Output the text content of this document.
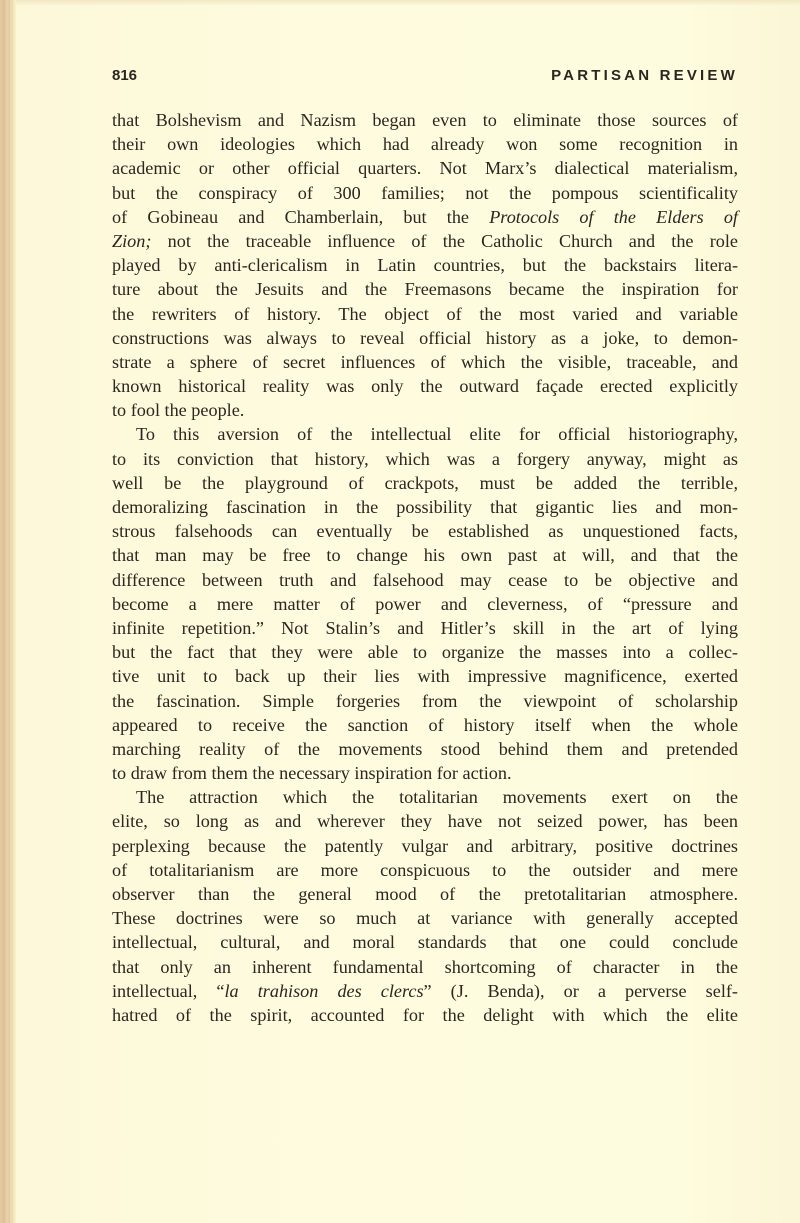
816	PARTISAN REVIEW
that Bolshevism and Nazism began even to eliminate those sources of
their own ideologies which had already won some recognition in
academic or other official quarters. Not Marx’s dialectical materialism,
but the conspiracy of 300 families; not the pompous scientificality
of Gobineau and Chamberlain, but the Protocols of the Elders of
Zion; not the traceable influence of the Catholic Church and the role
played by anti-clericalism in Latin countries, but the backstairs litera-
ture about the Jesuits and the Freemasons became the inspiration for
the rewriters of history. The object of the most varied and variable
constructions was always to reveal official history as a joke, to demon-
strate a sphere of secret influences of which the visible, traceable, and
known historical reality was only the outward façade erected explicitly
to fool the people.
To this aversion of the intellectual elite for official historiography,
to its conviction that history, which was a forgery anyway, might as
well be the playground of crackpots, must be added the terrible,
demoralizing fascination in the possibility that gigantic lies and mon-
strous falsehoods can eventually be established as unquestioned facts,
that man may be free to change his own past at will, and that the
difference between truth and falsehood may cease to be objective and
become a mere matter of power and cleverness, of “pressure and
infinite repetition.” Not Stalin’s and Hitler’s skill in the art of lying
but the fact that they were able to organize the masses into a collec-
tive unit to back up their lies with impressive magnificence, exerted
the fascination. Simple forgeries from the viewpoint of scholarship
appeared to receive the sanction of history itself when the whole
marching reality of the movements stood behind them and pretended
to draw from them the necessary inspiration for action.
The attraction which the totalitarian movements exert on the
elite, so long as and wherever they have not seized power, has been
perplexing because the patently vulgar and arbitrary, positive doctrines
of totalitarianism are more conspicuous to the outsider and mere
observer than the general mood of the pretotalitarian atmosphere.
These doctrines were so much at variance with generally accepted
intellectual, cultural, and moral standards that one could conclude
that only an inherent fundamental shortcoming of character in the
intellectual, “la trahison des clercs” (J. Benda), or a perverse self-
hatred of the spirit, accounted for the delight with which the elite
